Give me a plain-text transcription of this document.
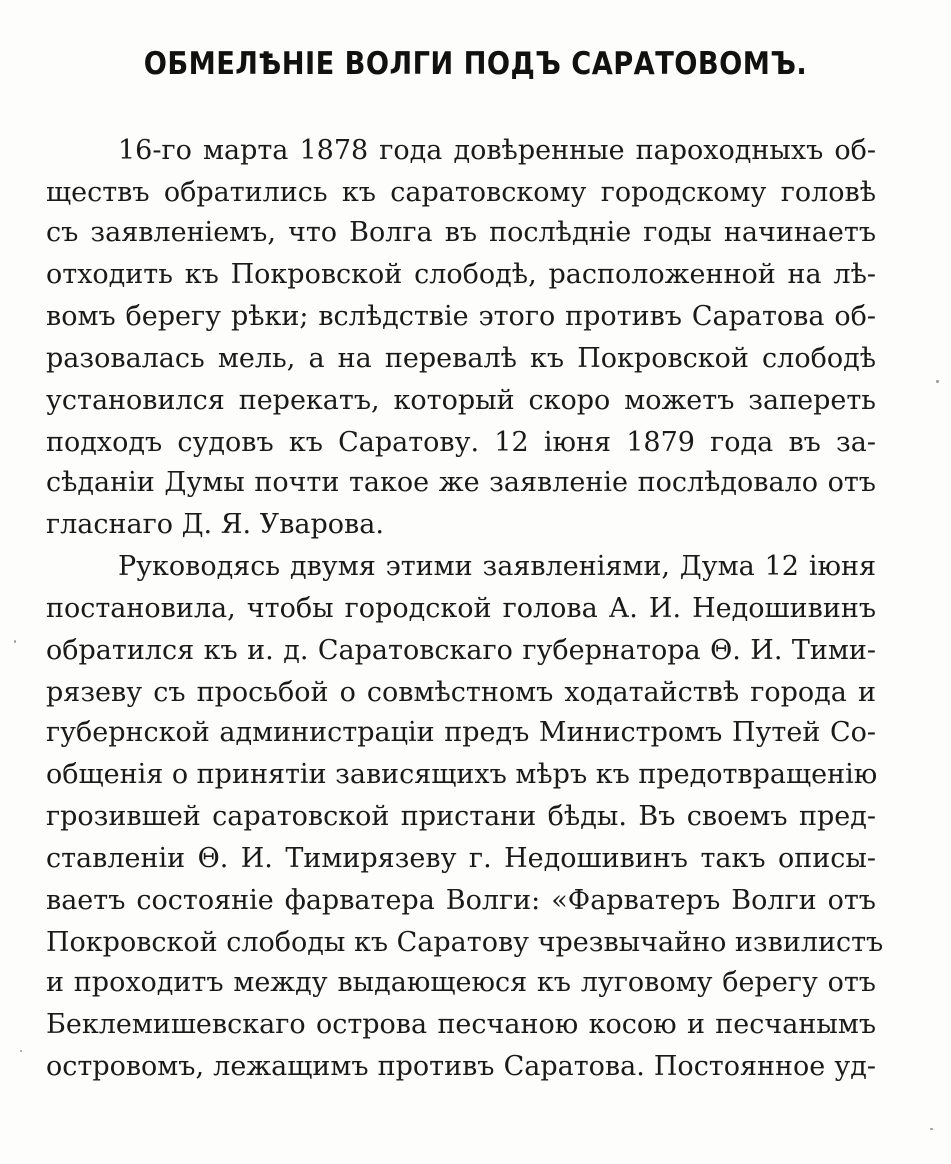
ОБМЕЛѢНІЕ ВОЛГИ ПОДЪ САРАТОВОМЪ.
16-го марта 1878 года довѣренные пароходныхъ об-
ществъ обратились къ саратовскому городскому головѣ
съ заявленіемъ, что Волга въ послѣдніе годы начинаетъ
отходить къ Покровской слободѣ, расположенной на лѣ-
вомъ берегу рѣки; вслѣдствіе этого противъ Саратова об-
разовалась мель, а на перевалѣ къ Покровской слободѣ
установился перекатъ, который скоро можетъ запереть
подходъ судовъ къ Саратову. 12 іюня 1879 года въ за-
сѣданіи Думы почти такое же заявленіе послѣдовало отъ
гласнаго Д. Я. Уварова.
Руководясь двумя этими заявленіями, Дума 12 іюня
постановила, чтобы городской голова А. И. Недошивинъ
обратился къ и. д. Саратовскаго губернатора Θ. И. Тими-
рязеву съ просьбой о совмѣстномъ ходатайствѣ города и
губернской администраціи предъ Министромъ Путей Со-
общенія о принятіи зависящихъ мѣръ къ предотвращенію
грозившей саратовской пристани бѣды. Въ своемъ пред-
ставленіи Θ. И. Тимирязеву г. Недошивинъ такъ описы-
ваетъ состояніе фарватера Волги: «Фарватеръ Волги отъ
Покровской слободы къ Саратову чрезвычайно извилистъ
и проходитъ между выдающеюся къ луговому берегу отъ
Беклемишевскаго острова песчаною косою и песчанымъ
островомъ, лежащимъ противъ Саратова. Постоянное уд-
